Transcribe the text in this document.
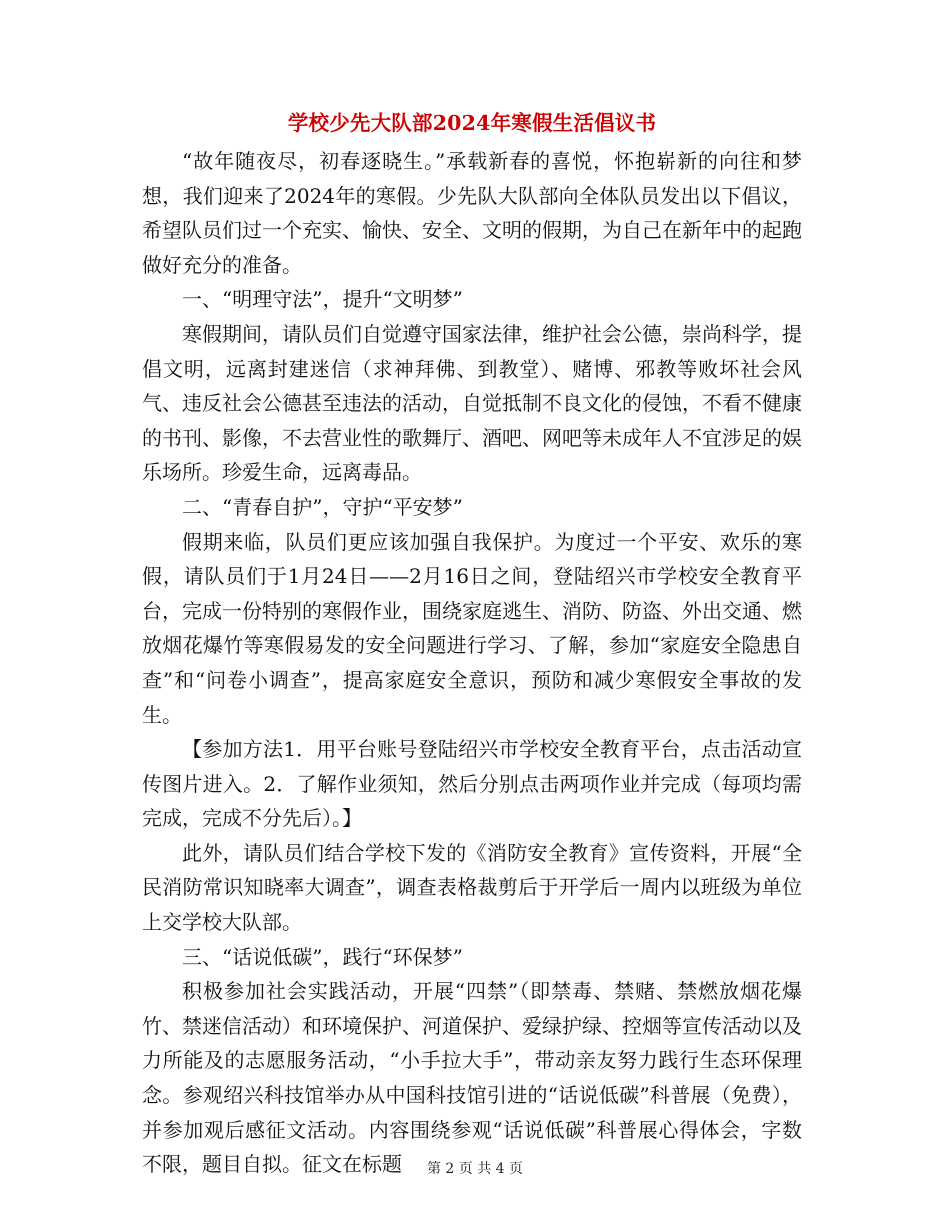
学校少先大队部2024年寒假生活倡议书

“故年随夜尽，初春逐晓生。”承载新春的喜悦，怀抱崭新的向往和梦想，我们迎来了2024年的寒假。少先队大队部向全体队员发出以下倡议，希望队员们过一个充实、愉快、安全、文明的假期，为自己在新年中的起跑做好充分的准备。

一、“明理守法”，提升“文明梦”

寒假期间，请队员们自觉遵守国家法律，维护社会公德，崇尚科学，提倡文明，远离封建迷信（求神拜佛、到教堂）、赌博、邪教等败坏社会风气、违反社会公德甚至违法的活动，自觉抵制不良文化的侵蚀，不看不健康的书刊、影像，不去营业性的歌舞厅、酒吧、网吧等未成年人不宜涉足的娱乐场所。珍爱生命，远离毒品。

二、“青春自护”，守护“平安梦”

假期来临，队员们更应该加强自我保护。为度过一个平安、欢乐的寒假，请队员们于1月24日——2月16日之间，登陆绍兴市学校安全教育平台，完成一份特别的寒假作业，围绕家庭逃生、消防、防盗、外出交通、燃放烟花爆竹等寒假易发的安全问题进行学习、了解，参加“家庭安全隐患自查”和“问卷小调查”，提高家庭安全意识，预防和减少寒假安全事故的发生。

【参加方法1．用平台账号登陆绍兴市学校安全教育平台，点击活动宣传图片进入。2．了解作业须知，然后分别点击两项作业并完成（每项均需完成，完成不分先后）。】

此外，请队员们结合学校下发的《消防安全教育》宣传资料，开展“全民消防常识知晓率大调查”，调查表格裁剪后于开学后一周内以班级为单位上交学校大队部。

三、“话说低碳”，践行“环保梦”

积极参加社会实践活动，开展“四禁”（即禁毒、禁赌、禁燃放烟花爆竹、禁迷信活动）和环境保护、河道保护、爱绿护绿、控烟等宣传活动以及力所能及的志愿服务活动，“小手拉大手”，带动亲友努力践行生态环保理念。参观绍兴科技馆举办从中国科技馆引进的“话说低碳”科普展（免费），并参加观后感征文活动。内容围绕参观“话说低碳”科普展心得体会，字数不限，题目自拟。征文在标题	第 2 页 共 4 页
